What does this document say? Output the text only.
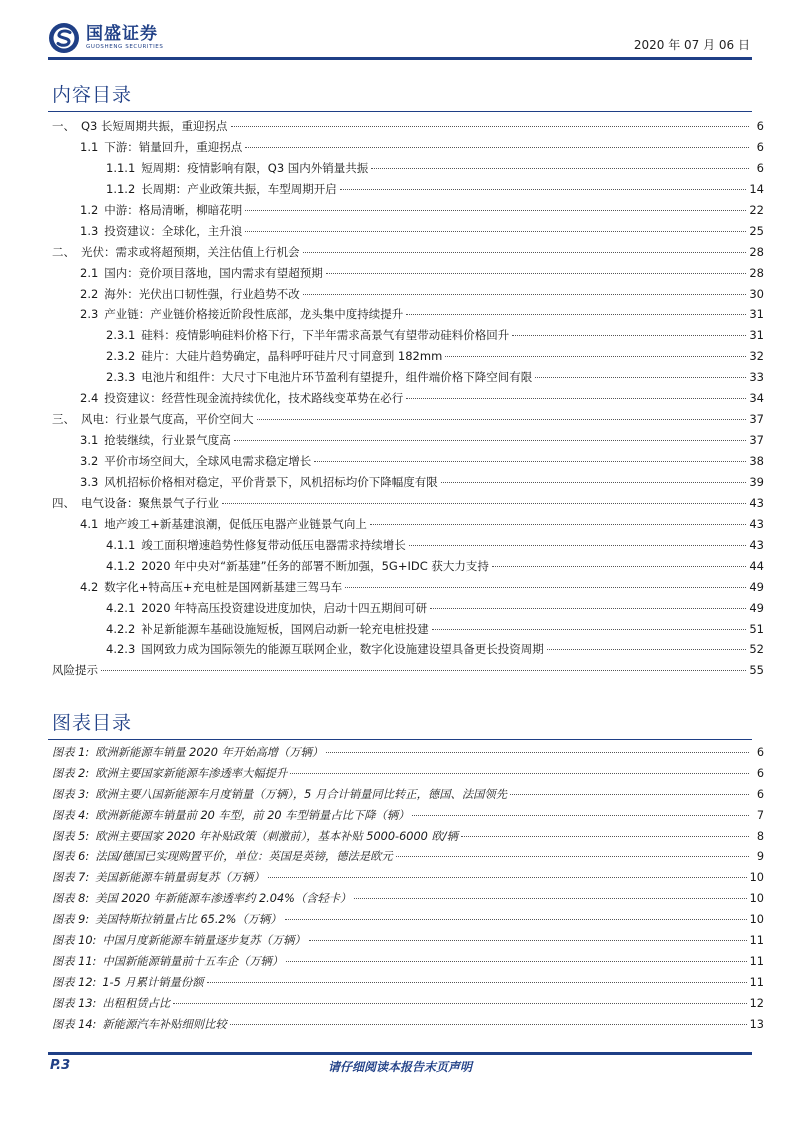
国盛证券
GUOSHENG SECURITIES	2020 年 07 月 06 日
内容目录
一、 Q3 长短周期共振，重迎拐点	6
1.1 下游：销量回升，重迎拐点	6
1.1.1 短周期：疫情影响有限，Q3 国内外销量共振	6
1.1.2 长周期：产业政策共振，车型周期开启	14
1.2 中游：格局清晰，柳暗花明	22
1.3 投资建议：全球化，主升浪	25
二、 光伏：需求或将超预期，关注估值上行机会	28
2.1 国内：竞价项目落地，国内需求有望超预期	28
2.2 海外：光伏出口韧性强，行业趋势不改	30
2.3 产业链：产业链价格接近阶段性底部，龙头集中度持续提升	31
2.3.1 硅料：疫情影响硅料价格下行，下半年需求高景气有望带动硅料价格回升	31
2.3.2 硅片：大硅片趋势确定，晶科呼吁硅片尺寸同意到 182mm	32
2.3.3 电池片和组件：大尺寸下电池片环节盈利有望提升，组件端价格下降空间有限	33
2.4 投资建议：经营性现金流持续优化，技术路线变革势在必行	34
三、 风电：行业景气度高，平价空间大	37
3.1 抢装继续，行业景气度高	37
3.2 平价市场空间大，全球风电需求稳定增长	38
3.3 风机招标价格相对稳定，平价背景下，风机招标均价下降幅度有限	39
四、 电气设备：聚焦景气子行业	43
4.1 地产竣工+新基建浪潮，促低压电器产业链景气向上	43
4.1.1 竣工面积增速趋势性修复带动低压电器需求持续增长	43
4.1.2 2020 年中央对“新基建”任务的部署不断加强，5G+IDC 获大力支持	44
4.2 数字化+特高压+充电桩是国网新基建三驾马车	49
4.2.1 2020 年特高压投资建设进度加快，启动十四五期间可研	49
4.2.2 补足新能源车基础设施短板，国网启动新一轮充电桩投建	51
4.2.3 国网致力成为国际领先的能源互联网企业，数字化设施建设望具备更长投资周期	52
风险提示	55
图表目录
图表 1: 欧洲新能源车销量 2020 年开始高增（万辆）	6
图表 2: 欧洲主要国家新能源车渗透率大幅提升	6
图表 3: 欧洲主要八国新能源车月度销量（万辆），5 月合计销量同比转正，德国、法国领先	6
图表 4: 欧洲新能源车销量前 20 车型，前 20 车型销量占比下降（辆）	7
图表 5: 欧洲主要国家 2020 年补贴政策（刺激前），基本补贴 5000-6000 欧/辆	8
图表 6: 法国/德国已实现购置平价，单位：英国是英镑，德法是欧元	9
图表 7: 美国新能源车销量弱复苏（万辆）	10
图表 8: 美国 2020 年新能源车渗透率约 2.04%（含轻卡）	10
图表 9: 美国特斯拉销量占比 65.2%（万辆）	10
图表 10: 中国月度新能源车销量逐步复苏（万辆）	11
图表 11: 中国新能源销量前十五车企（万辆）	11
图表 12: 1-5 月累计销量份额	11
图表 13: 出租租赁占比	12
图表 14: 新能源汽车补贴细则比较	13
P.3	请仔细阅读本报告末页声明
